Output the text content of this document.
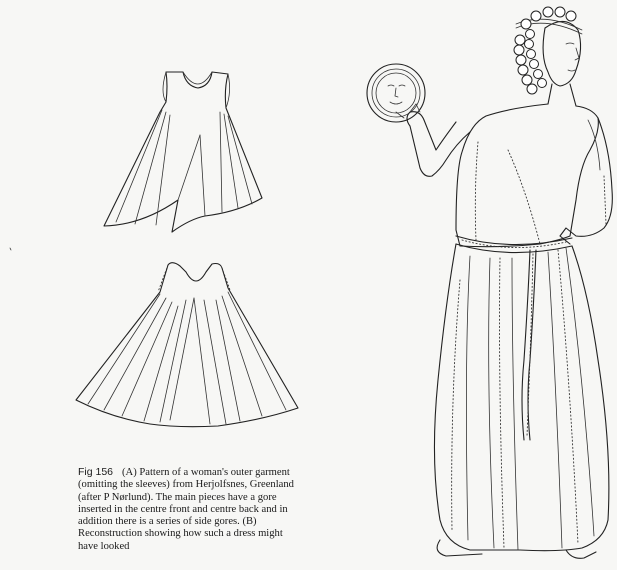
Fig 156 (A) Pattern of a woman's outer garment
(omitting the sleeves) from Herjolfsnes, Greenland
(after P Nørlund). The main pieces have a gore
inserted in the centre front and centre back and in
addition there is a series of side gores. (B)
Reconstruction showing how such a dress might
have looked
